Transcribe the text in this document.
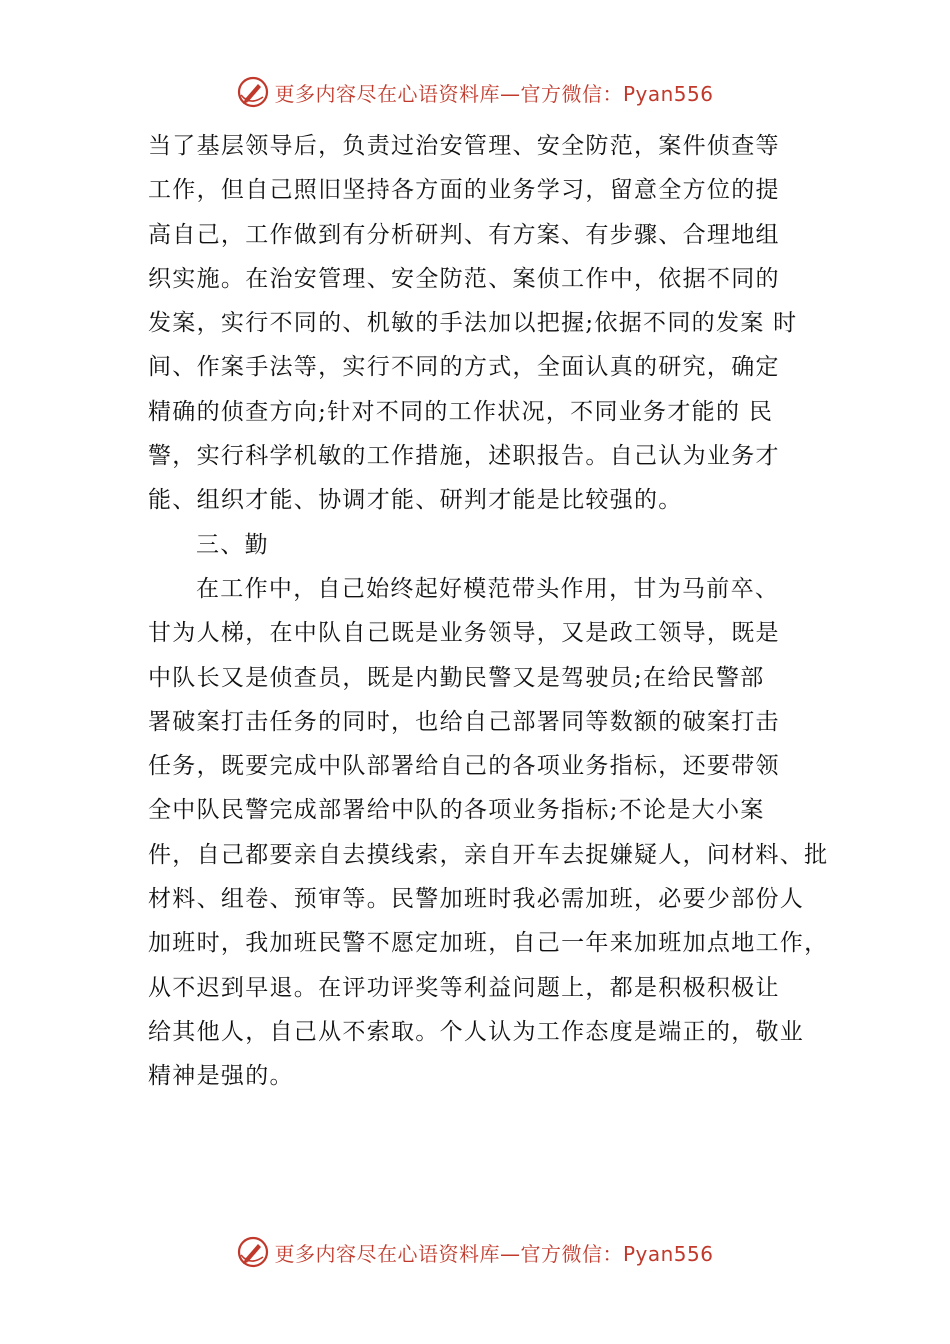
更多内容尽在心语资料库—官方微信：Pyan556
当了基层领导后，负责过治安管理、安全防范，案件侦查等
工作，但自己照旧坚持各方面的业务学习，留意全方位的提
高自己，工作做到有分析研判、有方案、有步骤、合理地组
织实施。在治安管理、安全防范、案侦工作中，依据不同的
发案，实行不同的、机敏的手法加以把握;依据不同的发案 时
间、作案手法等，实行不同的方式，全面认真的研究，确定
精确的侦查方向;针对不同的工作状况，不同业务才能的 民
警，实行科学机敏的工作措施，述职报告。自己认为业务才
能、组织才能、协调才能、研判才能是比较强的。
三、勤
在工作中，自己始终起好模范带头作用，甘为马前卒、
甘为人梯，在中队自己既是业务领导，又是政工领导，既是
中队长又是侦查员，既是内勤民警又是驾驶员;在给民警部
署破案打击任务的同时，也给自己部署同等数额的破案打击
任务，既要完成中队部署给自己的各项业务指标，还要带领
全中队民警完成部署给中队的各项业务指标;不论是大小案
件，自己都要亲自去摸线索，亲自开车去捉嫌疑人，问材料、批
材料、组卷、预审等。民警加班时我必需加班，必要少部份人
加班时，我加班民警不愿定加班，自己一年来加班加点地工作，
从不迟到早退。在评功评奖等利益问题上，都是积极积极让
给其他人，自己从不索取。个人认为工作态度是端正的，敬业
精神是强的。
更多内容尽在心语资料库—官方微信：Pyan556
